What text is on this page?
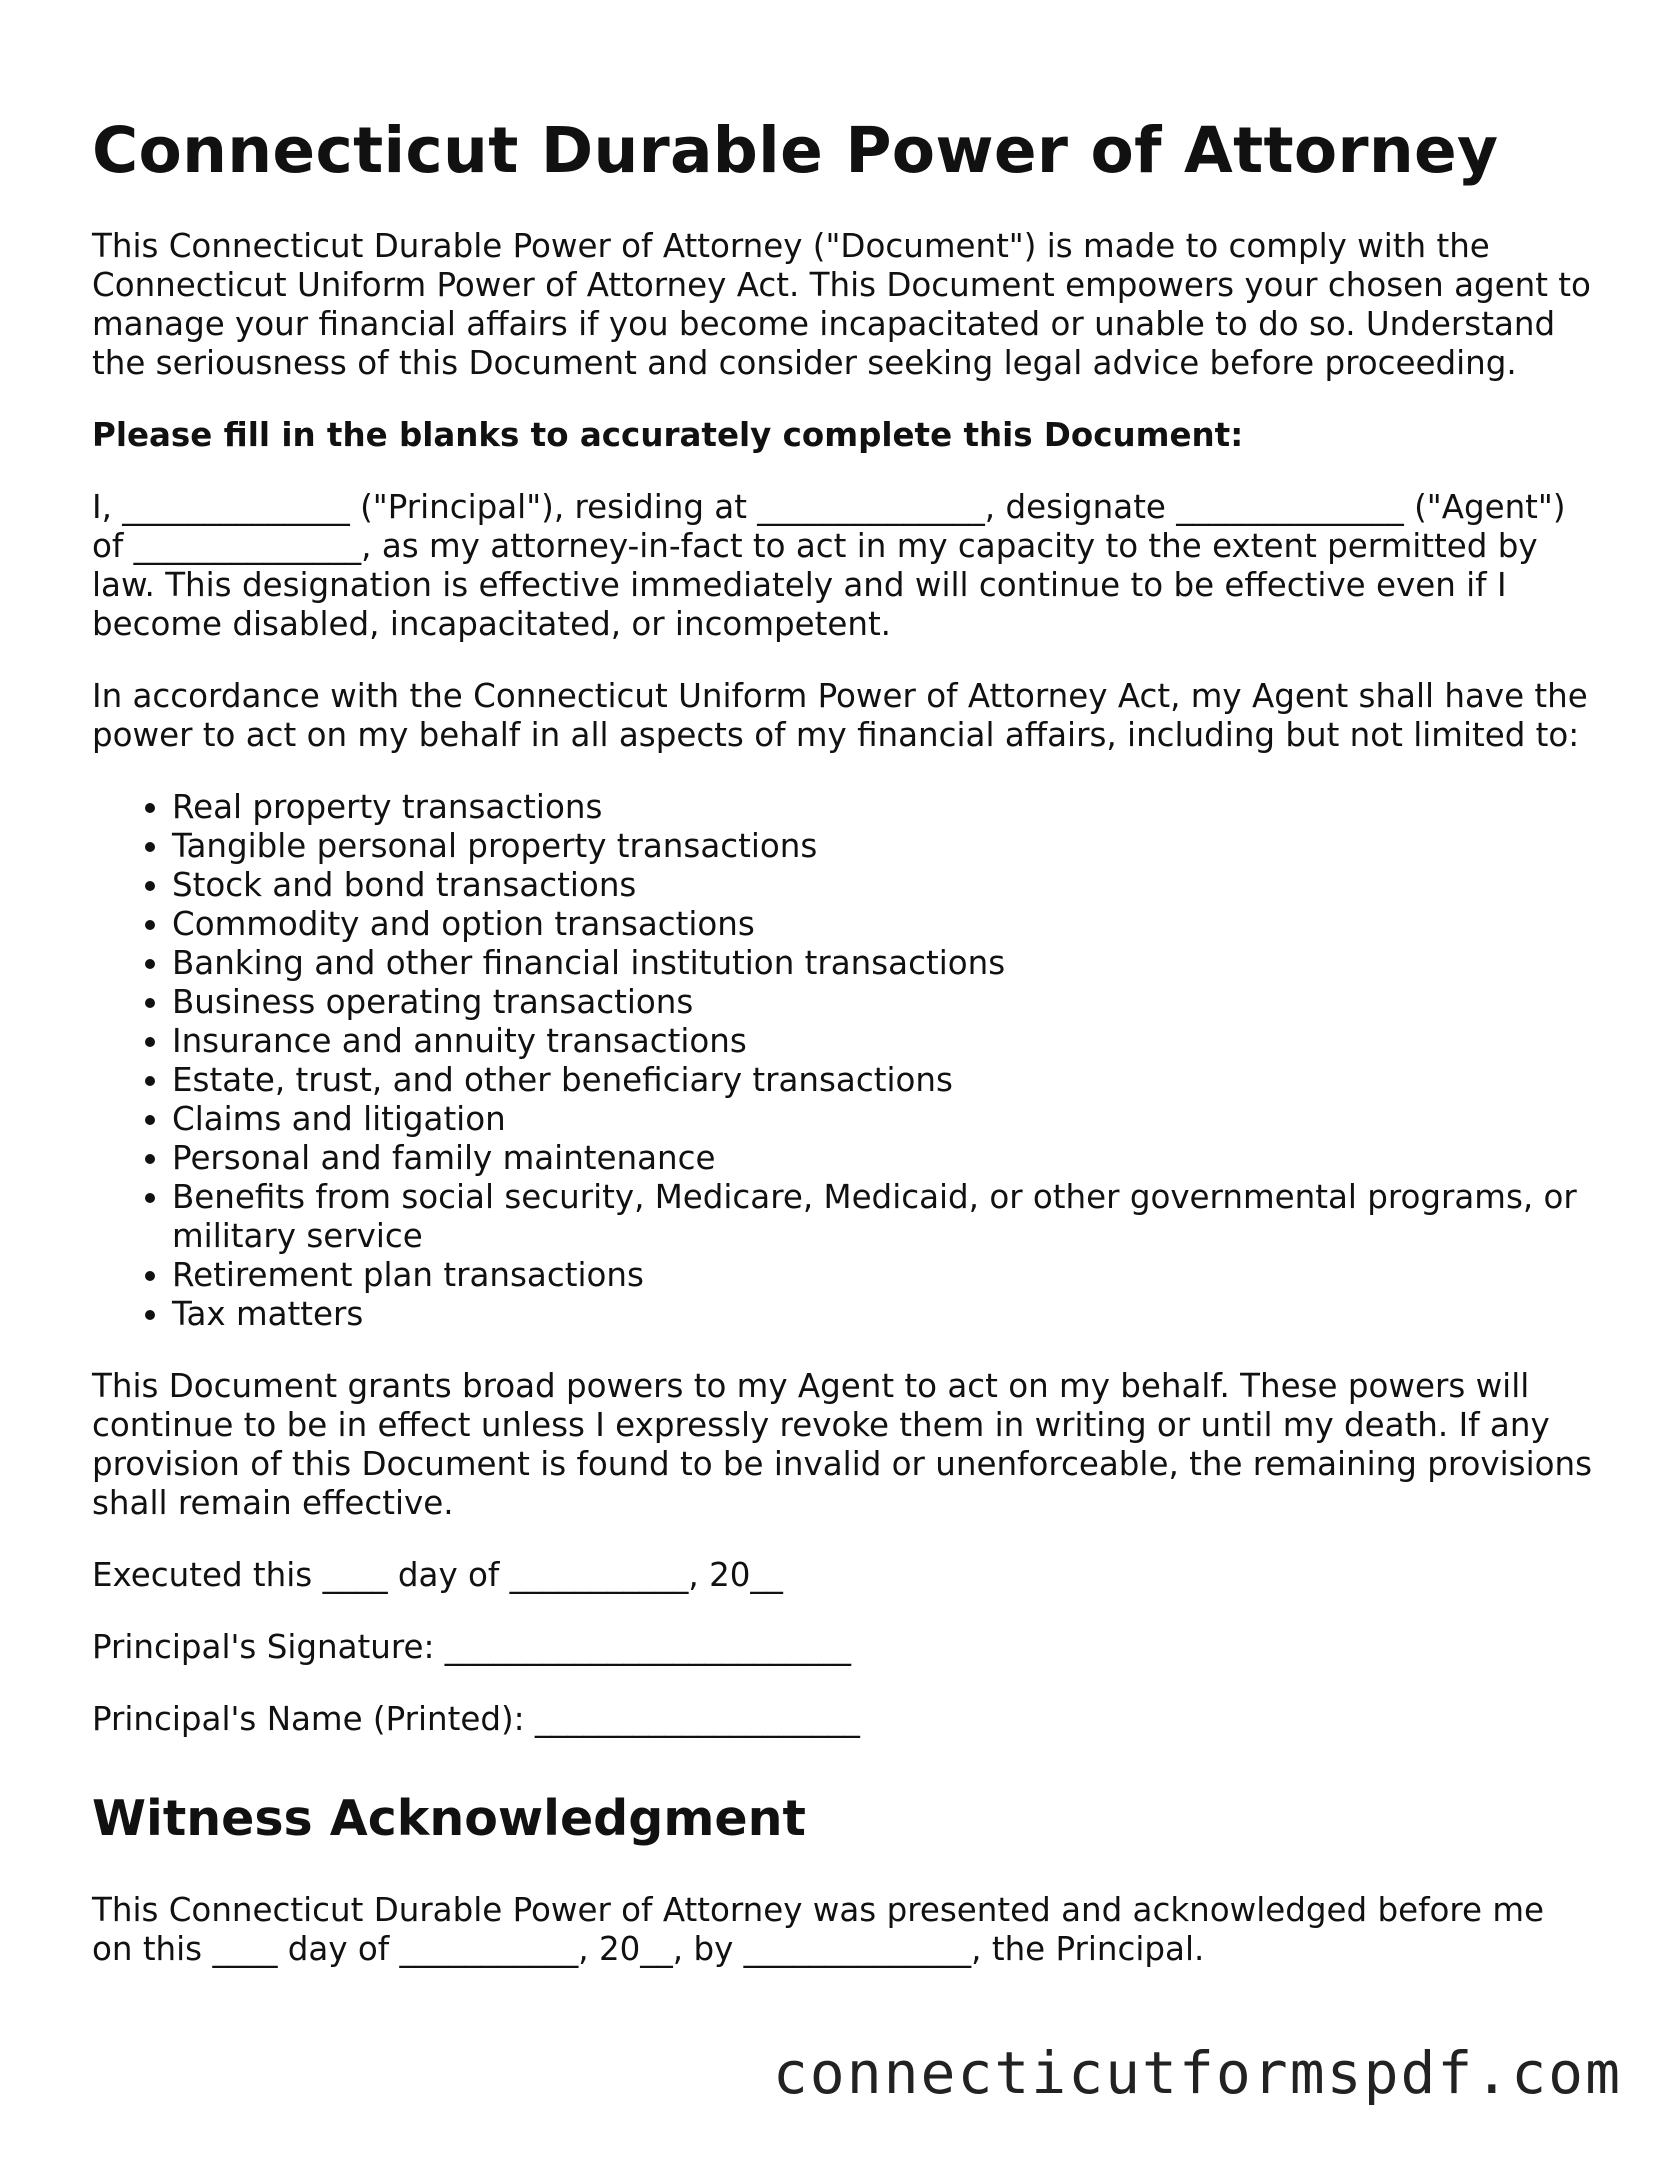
Connecticut Durable Power of Attorney

This Connecticut Durable Power of Attorney ("Document") is made to comply with the Connecticut Uniform Power of Attorney Act. This Document empowers your chosen agent to manage your financial affairs if you become incapacitated or unable to do so. Understand the seriousness of this Document and consider seeking legal advice before proceeding.

Please fill in the blanks to accurately complete this Document:

I, ______________ ("Principal"), residing at ______________, designate ______________ ("Agent") of ______________, as my attorney-in-fact to act in my capacity to the extent permitted by law. This designation is effective immediately and will continue to be effective even if I become disabled, incapacitated, or incompetent.

In accordance with the Connecticut Uniform Power of Attorney Act, my Agent shall have the power to act on my behalf in all aspects of my financial affairs, including but not limited to:

• Real property transactions
• Tangible personal property transactions
• Stock and bond transactions
• Commodity and option transactions
• Banking and other financial institution transactions
• Business operating transactions
• Insurance and annuity transactions
• Estate, trust, and other beneficiary transactions
• Claims and litigation
• Personal and family maintenance
• Benefits from social security, Medicare, Medicaid, or other governmental programs, or military service
• Retirement plan transactions
• Tax matters

This Document grants broad powers to my Agent to act on my behalf. These powers will continue to be in effect unless I expressly revoke them in writing or until my death. If any provision of this Document is found to be invalid or unenforceable, the remaining provisions shall remain effective.

Executed this ____ day of ___________, 20__

Principal's Signature: _________________________

Principal's Name (Printed): ____________________

Witness Acknowledgment

This Connecticut Durable Power of Attorney was presented and acknowledged before me on this ____ day of ___________, 20__, by ______________, the Principal.

connecticutformspdf.com
